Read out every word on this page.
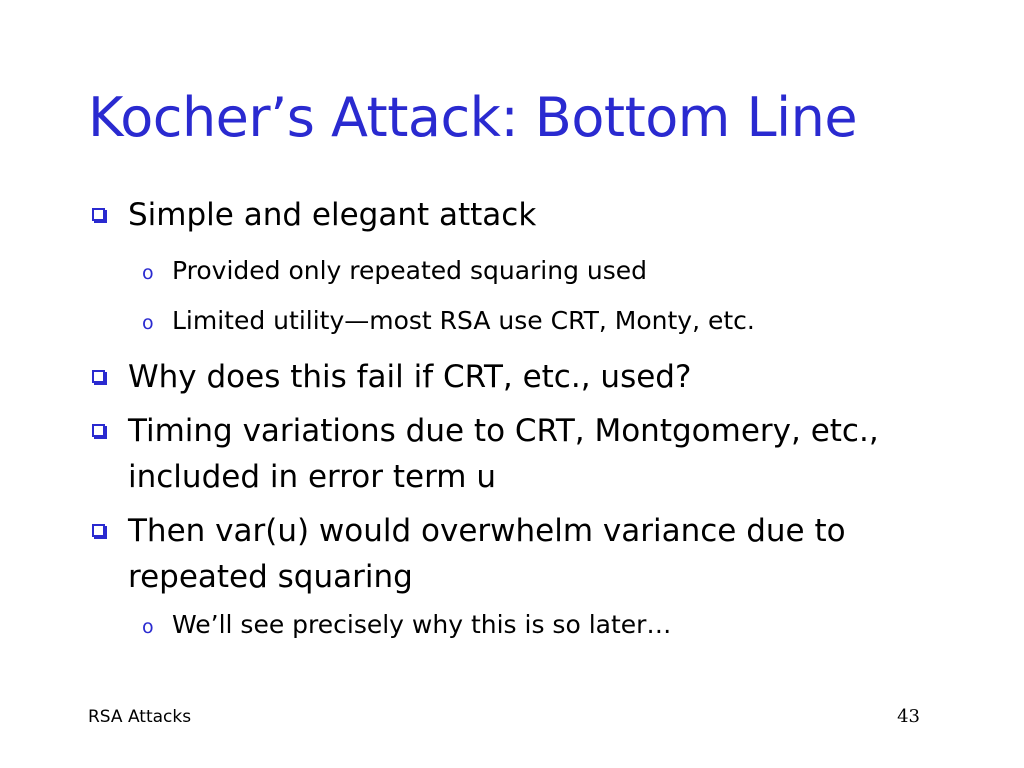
Kocher’s Attack: Bottom Line
Simple and elegant attack
o Provided only repeated squaring used
o Limited utility—most RSA use CRT, Monty, etc.
Why does this fail if CRT, etc., used?
Timing variations due to CRT, Montgomery, etc., included in error term u
Then var(u) would overwhelm variance due to repeated squaring
o We’ll see precisely why this is so later…
RSA Attacks	43
